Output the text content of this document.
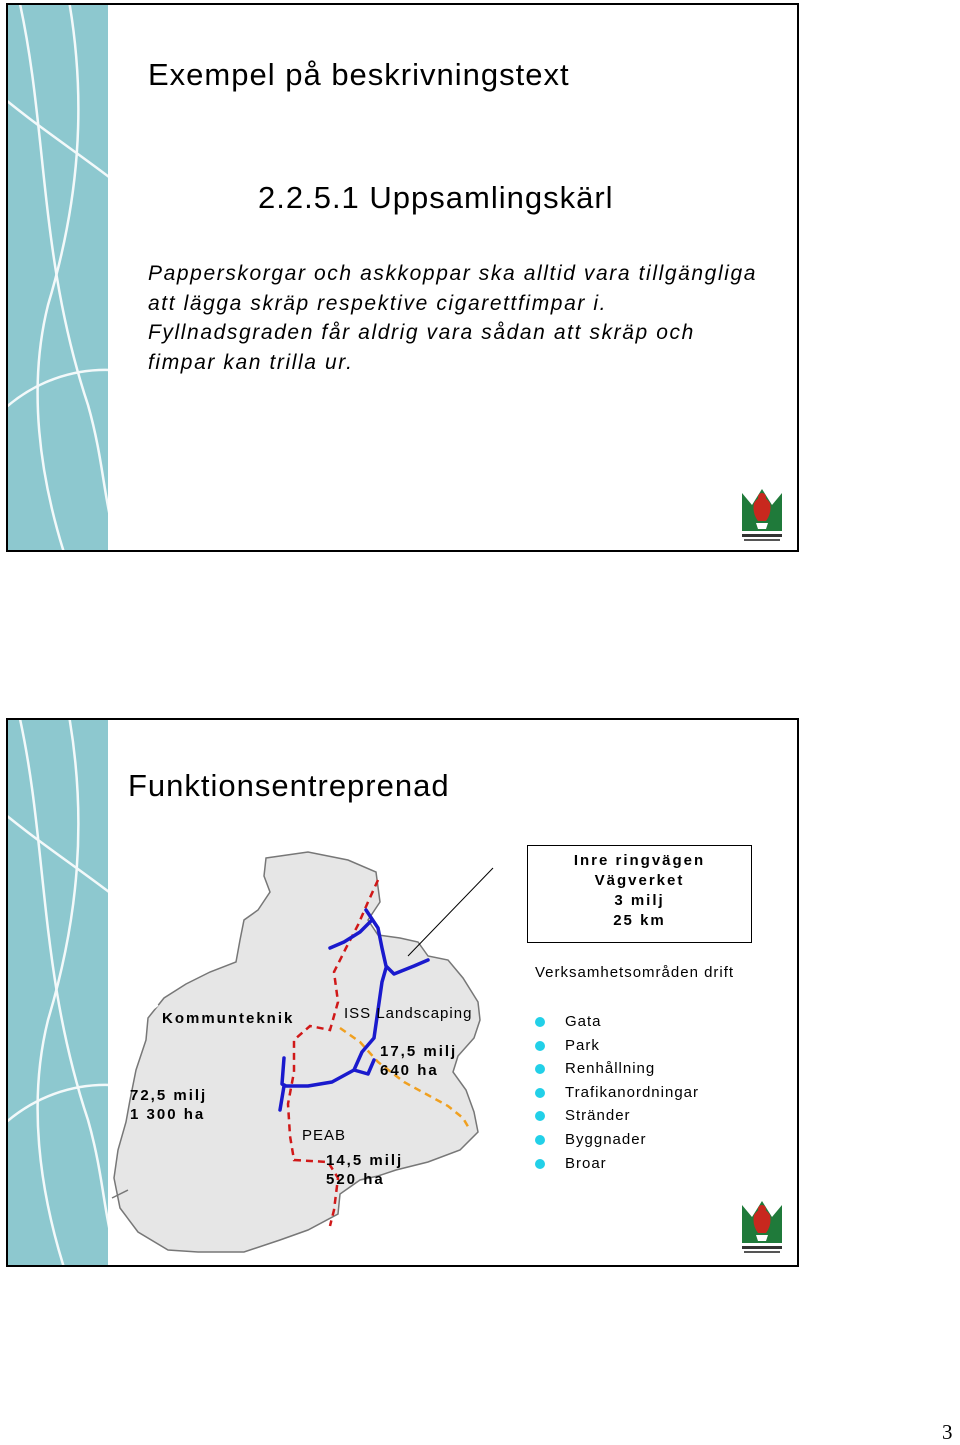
Exempel på beskrivningstext
2.2.5.1 Uppsamlingskärl
Papperskorgar och askkoppar ska alltid vara tillgängliga att lägga skräp respektive cigarettfimpar i. Fyllnadsgraden får aldrig vara sådan att skräp och fimpar kan trilla ur.
Funktionsentreprenad
Kommunteknik
72,5 milj
1 300 ha
ISS Landscaping
17,5 milj
640 ha
PEAB
14,5 milj
520 ha
Inre ringvägen
Vägverket
3 milj
25 km
Verksamhetsområden drift
Gata
Park
Renhållning
Trafikanordningar
Stränder
Byggnader
Broar
3
